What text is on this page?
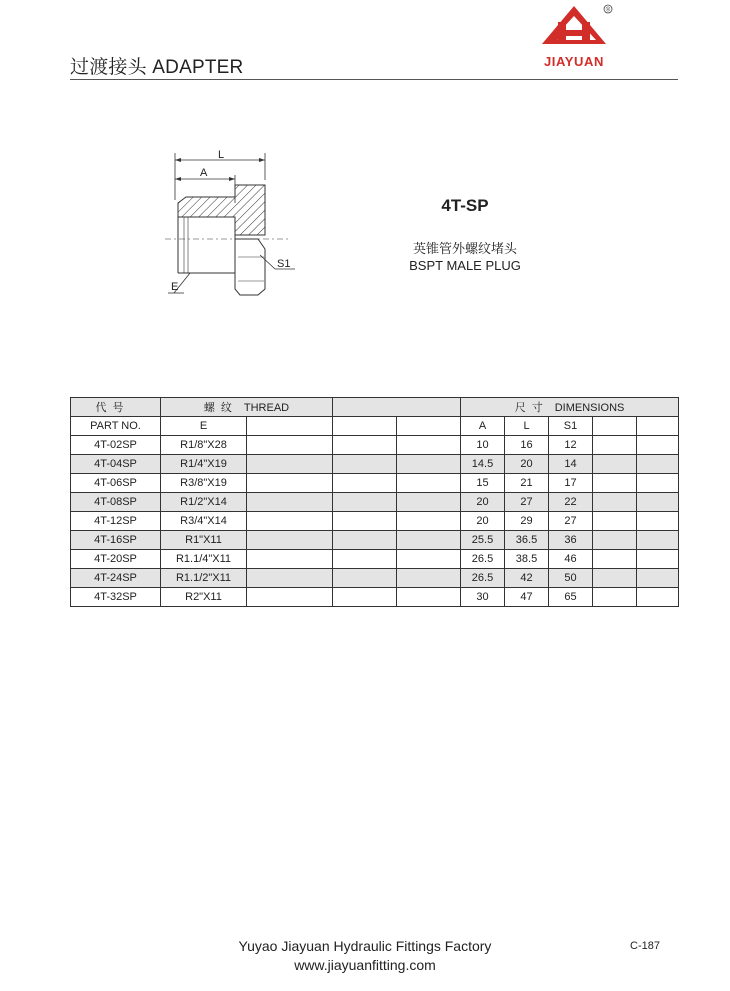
过渡接头 ADAPTER
®
JIAYUAN
L
A
S1
E
4T-SP
英锥管外螺纹堵头
BSPT MALE PLUG
代号	螺纹 THREAD				尺寸 DIMENSIONS				
PART NO.	E				A	L	S1		
4T-02SP	R1/8"X28				10	16	12		
4T-04SP	R1/4"X19				14.5	20	14		
4T-06SP	R3/8"X19				15	21	17		
4T-08SP	R1/2"X14				20	27	22		
4T-12SP	R3/4"X14				20	29	27		
4T-16SP	R1"X11				25.5	36.5	36		
4T-20SP	R1.1/4"X11				26.5	38.5	46		
4T-24SP	R1.1/2"X11				26.5	42	50		
4T-32SP	R2"X11				30	47	65		
Yuyao Jiayuan Hydraulic Fittings Factory
www.jiayuanfitting.com
C-187
